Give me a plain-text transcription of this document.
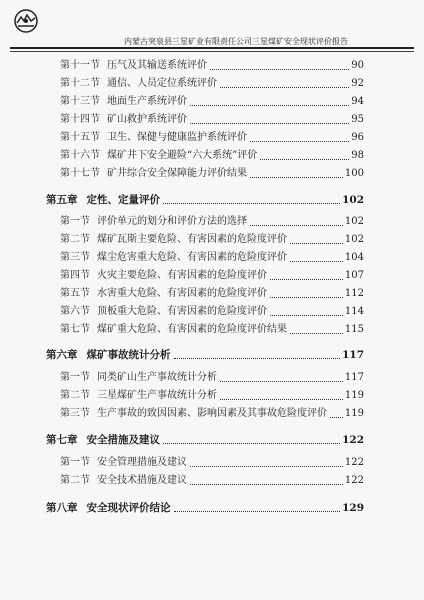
内蒙古突泉县三星矿业有限责任公司三星煤矿安全现状评价报告
第十一节 压气及其输送系统评价	90
第十二节 通信、人员定位系统评价	92
第十三节 地面生产系统评价	94
第十四节 矿山救护系统评价	95
第十五节 卫生、保健与健康监护系统评价	96
第十六节 煤矿井下安全避险“六大系统”评价	98
第十七节 矿井综合安全保障能力评价结果	100
第五章 定性、定量评价	102
第一节 评价单元的划分和评价方法的选择	102
第二节 煤矿瓦斯主要危险、有害因素的危险度评价	102
第三节 煤尘危害重大危险、有害因素的危险度评价	104
第四节 火灾主要危险、有害因素的危险度评价	107
第五节 水害重大危险、有害因素的危险度评价	112
第六节 顶板重大危险、有害因素的危险度评价	114
第七节 煤矿重大危险、有害因素的危险度评价结果	115
第六章 煤矿事故统计分析	117
第一节 同类矿山生产事故统计分析	117
第二节 三星煤矿生产事故统计分析	119
第三节 生产事故的致因因素、影响因素及其事故危险度评价 119
第七章 安全措施及建议	122
第一节 安全管理措施及建议	122
第二节 安全技术措施及建议	122
第八章 安全现状评价结论	129
